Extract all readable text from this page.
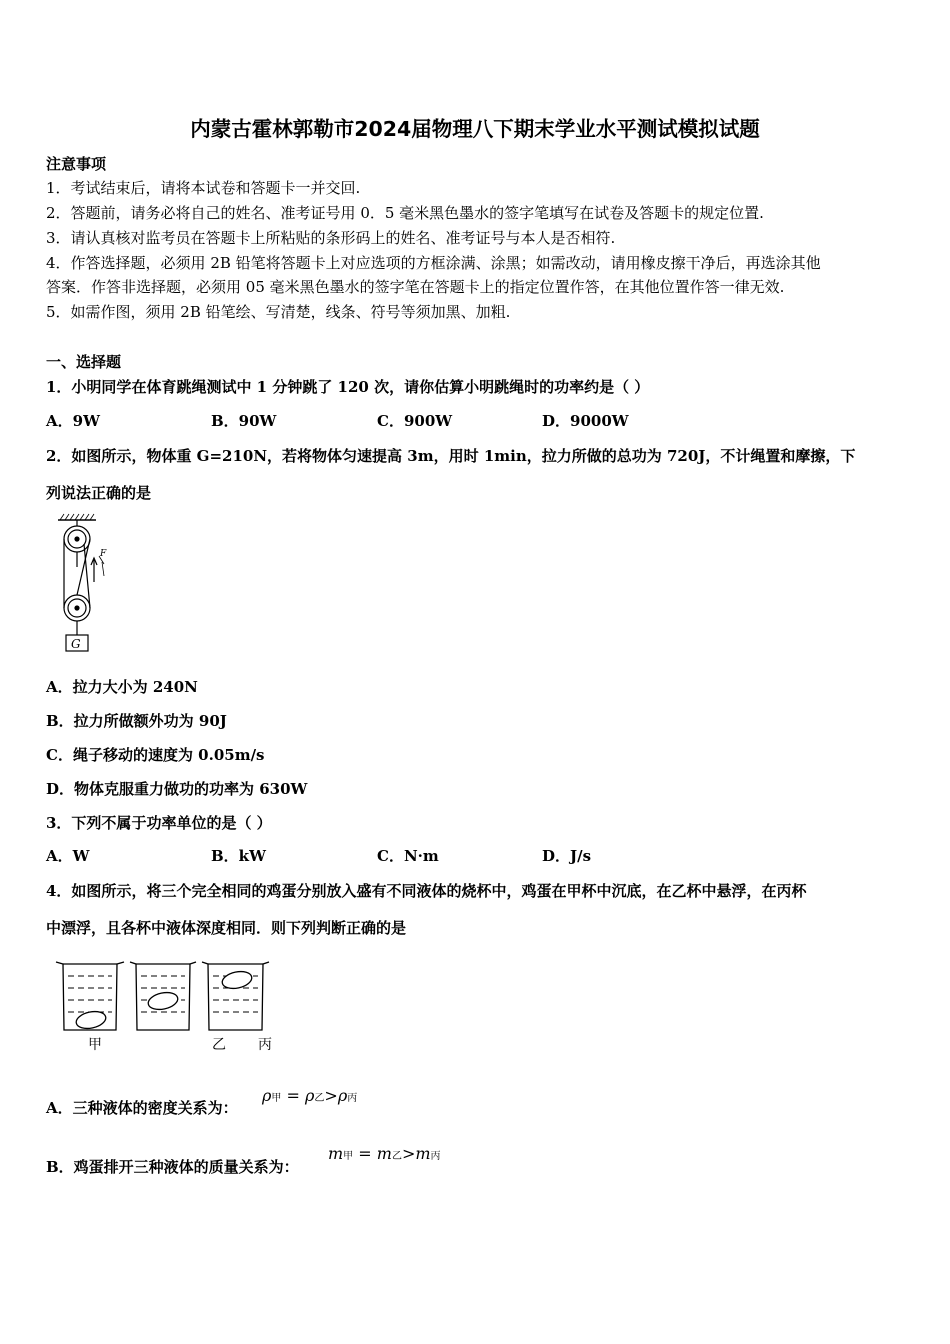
内蒙古霍林郭勒市2024届物理八下期末学业水平测试模拟试题
注意事项
1．考试结束后，请将本试卷和答题卡一并交回.
2．答题前，请务必将自己的姓名、准考证号用 0．5 毫米黑色墨水的签字笔填写在试卷及答题卡的规定位置.
3．请认真核对监考员在答题卡上所粘贴的条形码上的姓名、准考证号与本人是否相符.
4．作答选择题，必须用 2B 铅笔将答题卡上对应选项的方框涂满、涂黑；如需改动，请用橡皮擦干净后，再选涂其他
答案．作答非选择题，必须用 05 毫米黑色墨水的签字笔在答题卡上的指定位置作答，在其他位置作答一律无效.
5．如需作图，须用 2B 铅笔绘、写清楚，线条、符号等须加黑、加粗.
一、选择题
1．小明同学在体育跳绳测试中 1 分钟跳了 120 次，请你估算小明跳绳时的功率约是（ ）
A．9W	B．90W	C．900W	D．9000W
2．如图所示，物体重 G=210N，若将物体匀速提高 3m，用时 1min，拉力所做的总功为 720J，不计绳置和摩擦，下
列说法正确的是
G
F
A．拉力大小为 240N
B．拉力所做额外功为 90J
C．绳子移动的速度为 0.05m/s
D．物体克服重力做功的功率为 630W
3．下列不属于功率单位的是（ ）
A．W	B．kW	C．N·m	D．J/s
4．如图所示，将三个完全相同的鸡蛋分别放入盛有不同液体的烧杯中，鸡蛋在甲杯中沉底，在乙杯中悬浮，在丙杯
中漂浮，且各杯中液体深度相同．则下列判断正确的是
甲	乙 丙
A．三种液体的密度关系为：
ρ甲 = ρ乙>ρ丙
B．鸡蛋排开三种液体的质量关系为：
m甲 = m乙>m丙
